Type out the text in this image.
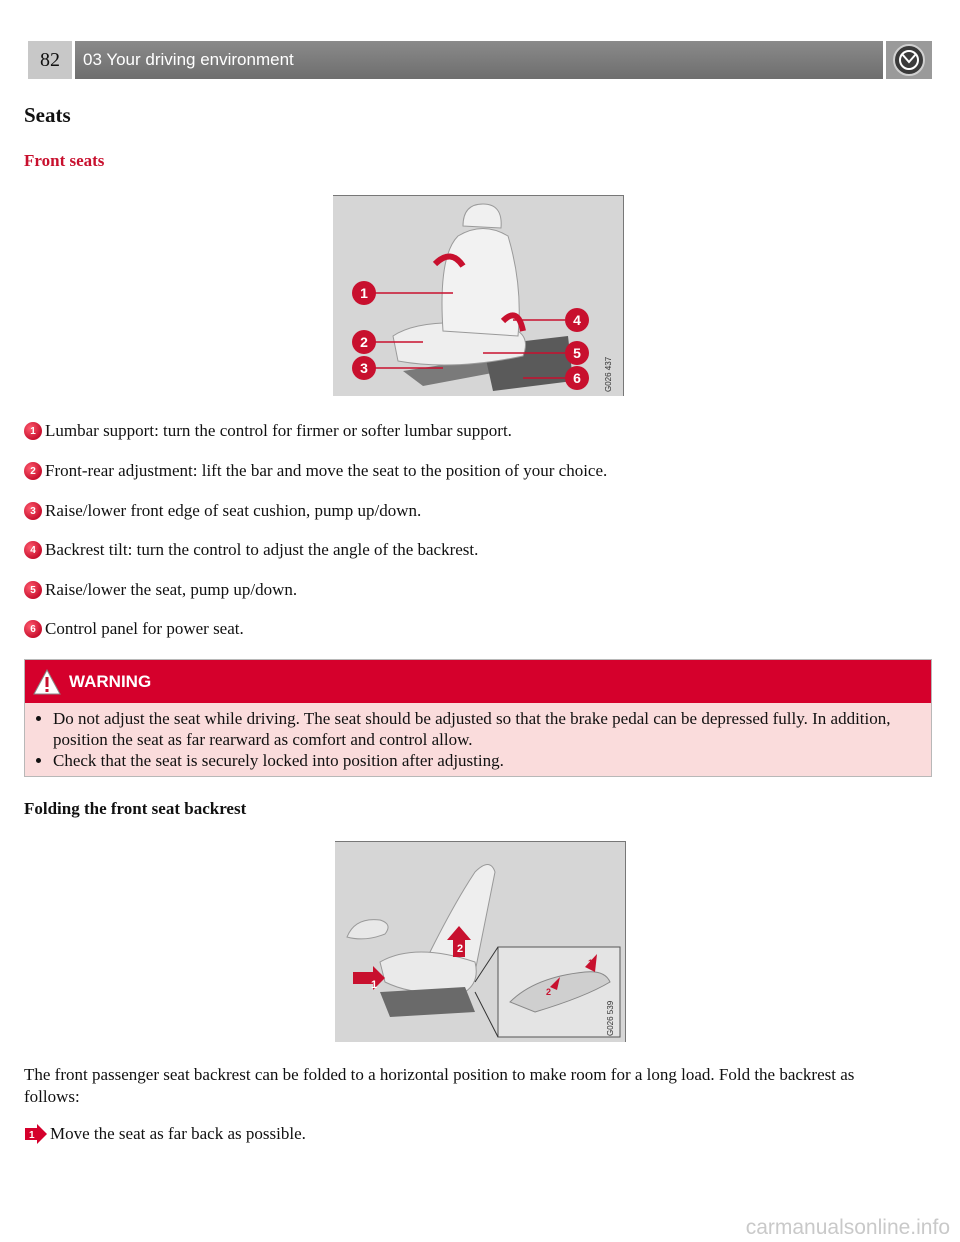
82	03 Your driving environment
Seats
Front seats
1
2
3
4
5
6	G026 437
1 Lumbar support: turn the control for firmer or softer lumbar support.
2 Front-rear adjustment: lift the bar and move the seat to the position of your choice.
3 Raise/lower front edge of seat cushion, pump up/down.
4 Backrest tilt: turn the control to adjust the angle of the backrest.
5 Raise/lower the seat, pump up/down.
6 Control panel for power seat.
WARNING
• Do not adjust the seat while driving. The seat should be adjusted so that the brake pedal can be depressed fully. In addition, position the seat as far rearward as comfort and control allow.
• Check that the seat is securely locked into position after adjusting.
Folding the front seat backrest
2
1
2
1
G026 539

The front passenger seat backrest can be folded to a horizontal position to make room for a long load. Fold the backrest as follows:

1 Move the seat as far back as possible.
carmanualsonline.info
